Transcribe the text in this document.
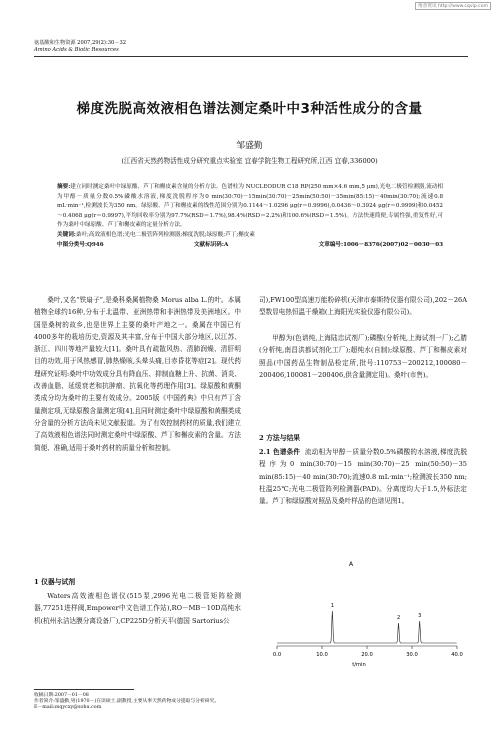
维普资讯 http://www.cqvip.com
氨基酸和生物资源 2007,29(2):30－32
Amino Acids & Biotic Resources
梯度洗脱高效液相色谱法测定桑叶中3种活性成分的含量
邹盛勤
(江西省天然药物活性成分研究重点实验室 宜春学院生物工程研究所,江西 宜春,336000)
摘要:建立同时测定桑叶中绿原酸、芦丁和槲皮素含量的分析方法。色谱柱为 NUCLEODUR C18 RP(250 mm×4.6 mm,5 μm),光电二极管检测器,流动相为甲醇－质量分数0.5%磷酸水溶液,梯度洗脱程序为0 min(30:70)－15min(30:70)－25min(50:50)－35min(85:15)－40min(30:70);流速0.8 mL·min⁻¹,检测波长为350 nm。绿原酸、芦丁和槲皮素的线性范围分别为0.1144～1.0296 μg(r＝0.9996),0.0436～0.3924 μg(r＝0.9999)和0.0452～0.4068 μg(r＝0.9997),平均回收率分别为97.7%(RSD＝1.7%),98.4%(RSD＝2.2%)和100.6%(RSD＝1.5%)。方法快速简便,专属性强,重复性好,可作为桑叶中绿原酸、芦丁和槲皮素的定量分析方法。
关键词:桑叶;高效液相色谱;光电二极管阵列检测器;梯度洗脱;绿原酸;芦丁;槲皮素
中图分类号:Q946	文献标识码:A	文章编号:1006－8376(2007)02－0030－03
桑叶,又名“铁扇子”,是桑科桑属植物桑 Morus alba L.的叶。本属植物全球约16种,分布于北温带、亚洲热带和非洲热带及美洲地区。中国是桑树的故乡,也是世界上主要的桑叶产地之一。桑属在中国已有4000多年的栽培历史,资源及其丰富,分布于中国大部分地区,以江苏、浙江、四川等地产量较大[1]。桑叶具有疏散风热、清肺润燥、清肝明目的功效,用于风热感冒,肺热燥咳,头晕头痛,目赤昏花等症[2]。现代药理研究证明:桑叶中功效成分具有降血压、抑制血糖上升、抗菌、消炎、改善血脂、延缓衰老和抗肿瘤、抗氧化等药理作用[3]。绿原酸和黄酮类成分均为桑叶的主要有效成分。2005版《中国药典》中只有芦丁含量测定项,无绿原酸含量测定项[4],且同时测定桑叶中绿原酸和黄酮类成分含量的分析方法尚未见文献报道。为了有效控制药材的质量,我们建立了高效液相色谱法同时测定桑叶中绿原酸、芦丁和槲皮素的含量。方法简便、准确,适用于桑叶药材的质量分析和控制。
1 仪器与试剂
Waters高效液相色谱仪(515泵,2996光电二极管矩阵检测器,77251进样阀,Empower中文色谱工作站),RO－MB－10D高纯水机(杭州永洁达膜分离设备厂),CP225D分析天平(德国 Sartorius公
收稿日期:2007－01－08
作者简介:邹盛勤,男(1970－)在读硕士,副教授,主要从事天然药物成分提取与分析研究。
E－mail:zsqycxy@sohu.com
司),FW100型高速万能粉碎机(天津市泰斯特仪器有限公司),202－26A型数显电热恒温干燥箱(上海阳光实验仪器有限公司)。
甲醇为(色谱纯,上海陆忠试剂厂);磷酸(分析纯,上海试剂一厂);乙腈(分析纯,南昌洪都试剂化工厂);超纯水(自制);绿原酸、芦丁和槲皮素对照品(中国药品生物制品检定所,批号:110753－200212,100080－200406,100081－200406,供含量测定用)。桑叶(市售)。
2 方法与结果
2.1 色谱条件 流动相为甲醇－质量分数0.5%磷酸的水溶液,梯度洗脱程序为0 min(30:70)－15 min(30:70)－25 min(50:50)－35 min(85:15)－40 min(30:70);流速0.8 mL·min⁻¹;检测波长350 nm;柱温25℃;光电二极管阵列检测器(PAD)。分离度均大于1.5,外标法定量。芦丁和绿原酸对照品及桑叶样品的色谱见图1。
A
1
2	3
0.0	10.0	20.0	30.0	40.0
t/min
